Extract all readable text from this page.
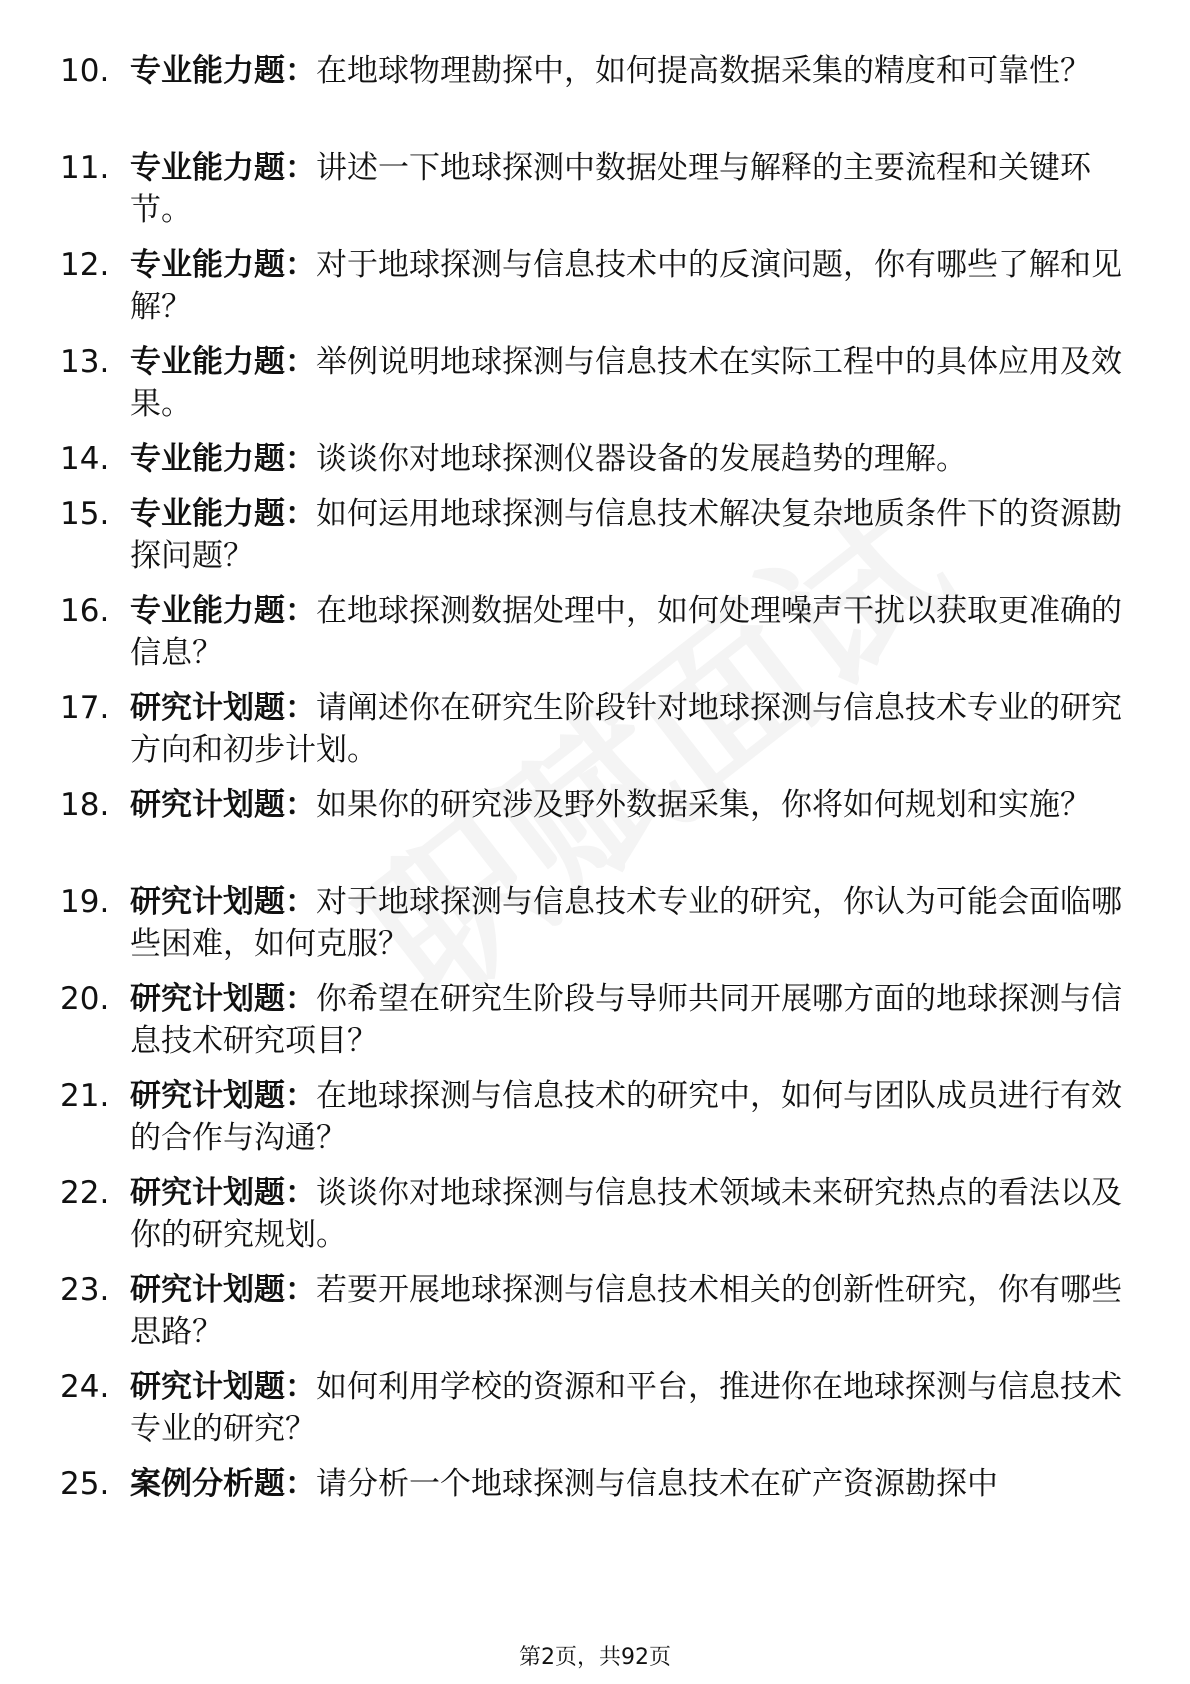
10. 专业能力题：在地球物理勘探中，如何提高数据采集的精度和可靠性？
11. 专业能力题：讲述一下地球探测中数据处理与解释的主要流程和关键环节。
12. 专业能力题：对于地球探测与信息技术中的反演问题，你有哪些了解和见解？
13. 专业能力题：举例说明地球探测与信息技术在实际工程中的具体应用及效果。
14. 专业能力题：谈谈你对地球探测仪器设备的发展趋势的理解。
15. 专业能力题：如何运用地球探测与信息技术解决复杂地质条件下的资源勘探问题？
16. 专业能力题：在地球探测数据处理中，如何处理噪声干扰以获取更准确的信息？
17. 研究计划题：请阐述你在研究生阶段针对地球探测与信息技术专业的研究方向和初步计划。
18. 研究计划题：如果你的研究涉及野外数据采集，你将如何规划和实施？
19. 研究计划题：对于地球探测与信息技术专业的研究，你认为可能会面临哪些困难，如何克服？
20. 研究计划题：你希望在研究生阶段与导师共同开展哪方面的地球探测与信息技术研究项目？
21. 研究计划题：在地球探测与信息技术的研究中，如何与团队成员进行有效的合作与沟通？
22. 研究计划题：谈谈你对地球探测与信息技术领域未来研究热点的看法以及你的研究规划。
23. 研究计划题：若要开展地球探测与信息技术相关的创新性研究，你有哪些思路？
24. 研究计划题：如何利用学校的资源和平台，推进你在地球探测与信息技术专业的研究？
25. 案例分析题：请分析一个地球探测与信息技术在矿产资源勘探中
第2页，共92页
